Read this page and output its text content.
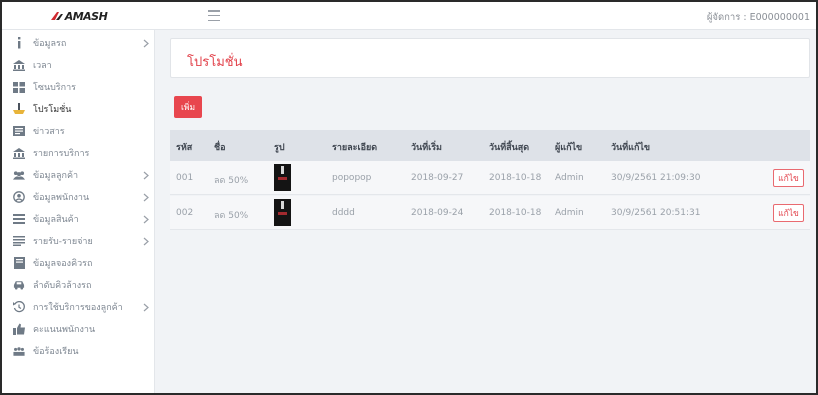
AMASH	ผู้จัดการ : E000000001
ข้อมูลรถ
เวลา
โซนบริการ
โปรโมชั่น
ข่าวสาร
รายการบริการ
ข้อมูลลูกค้า
ข้อมูลพนักงาน
ข้อมูลสินค้า
รายรับ-รายจ่าย
ข้อมูลจองคิวรถ
ลำดับคิวล้างรถ
การใช้บริการของลูกค้า
คะแนนพนักงาน
ข้อร้องเรียน
โปรโมชั่น
เพิ่ม
รหัส ชื่อ	รูป	รายละเอียด	วันที่เริ่ม	วันที่สิ้นสุด	ผู้แก้ไข	วันที่แก้ไข
001 ลด 50%	popopop	2018-09-27	2018-10-18 Admin	30/9/2561 21:09:30	แก้ไข
002 ลด 50%	dddd	2018-09-24	2018-10-18 Admin	30/9/2561 20:51:31	แก้ไข
